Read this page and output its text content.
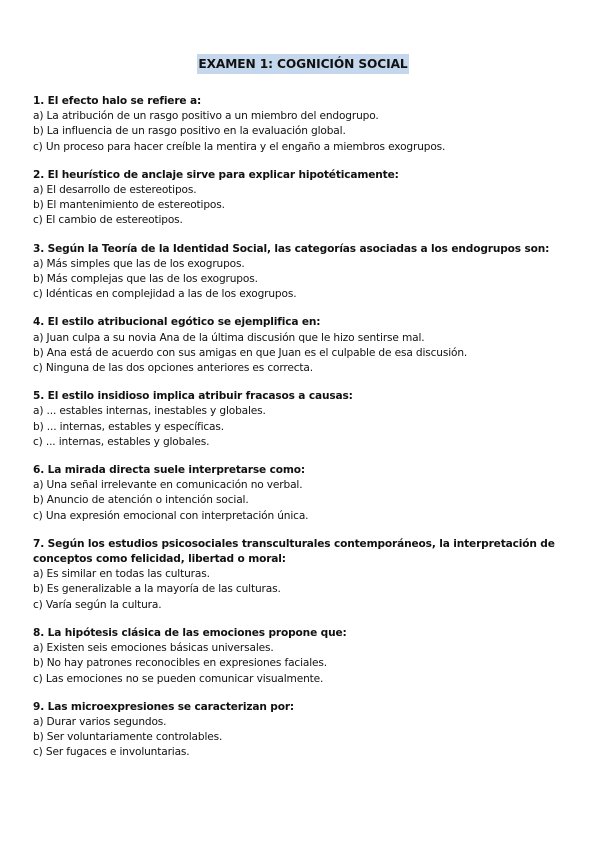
EXAMEN 1: COGNICIÓN SOCIAL
1. El efecto halo se refiere a:
a) La atribución de un rasgo positivo a un miembro del endogrupo.
b) La influencia de un rasgo positivo en la evaluación global.
c) Un proceso para hacer creíble la mentira y el engaño a miembros exogrupos.
2. El heurístico de anclaje sirve para explicar hipotéticamente:
a) El desarrollo de estereotipos.
b) El mantenimiento de estereotipos.
c) El cambio de estereotipos.
3. Según la Teoría de la Identidad Social, las categorías asociadas a los endogrupos son:
a) Más simples que las de los exogrupos.
b) Más complejas que las de los exogrupos.
c) Idénticas en complejidad a las de los exogrupos.
4. El estilo atribucional egótico se ejemplifica en:
a) Juan culpa a su novia Ana de la última discusión que le hizo sentirse mal.
b) Ana está de acuerdo con sus amigas en que Juan es el culpable de esa discusión.
c) Ninguna de las dos opciones anteriores es correcta.
5. El estilo insidioso implica atribuir fracasos a causas:
a) ... estables internas, inestables y globales.
b) ... internas, estables y específicas.
c) ... internas, estables y globales.
6. La mirada directa suele interpretarse como:
a) Una señal irrelevante en comunicación no verbal.
b) Anuncio de atención o intención social.
c) Una expresión emocional con interpretación única.
7. Según los estudios psicosociales transculturales contemporáneos, la interpretación de conceptos como felicidad, libertad o moral:
a) Es similar en todas las culturas.
b) Es generalizable a la mayoría de las culturas.
c) Varía según la cultura.
8. La hipótesis clásica de las emociones propone que:
a) Existen seis emociones básicas universales.
b) No hay patrones reconocibles en expresiones faciales.
c) Las emociones no se pueden comunicar visualmente.
9. Las microexpresiones se caracterizan por:
a) Durar varios segundos.
b) Ser voluntariamente controlables.
c) Ser fugaces e involuntarias.
